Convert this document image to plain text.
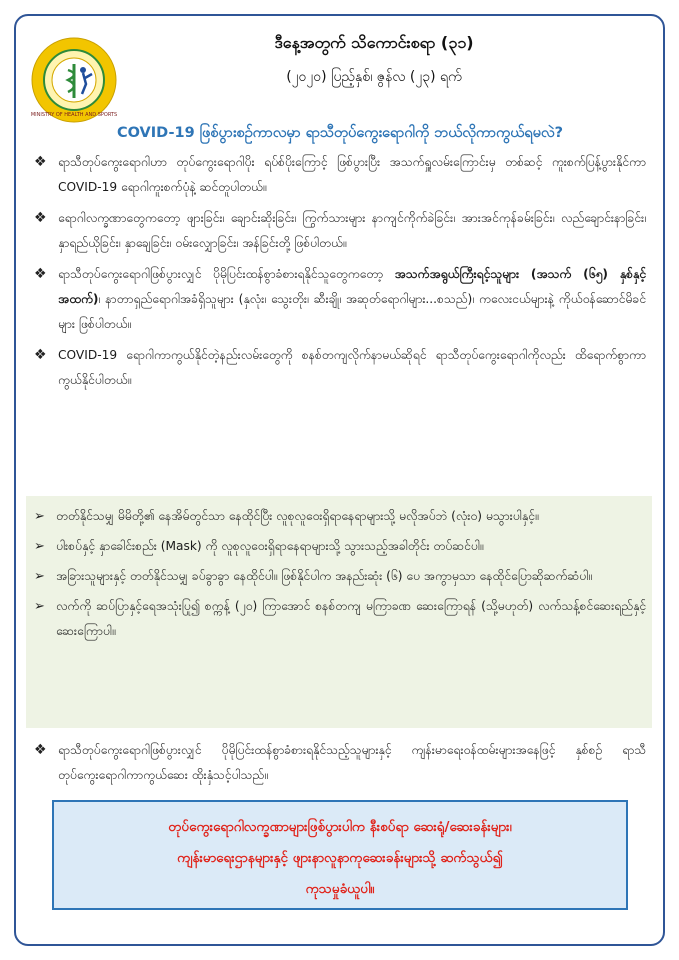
MINISTRY OF HEALTH AND SPORTS
ဒီနေ့အတွက် သိကောင်းစရာ (၃၁)
(၂၀၂၀) ပြည့်နှစ်၊ ဇွန်လ (၂၃) ရက်
COVID-19 ဖြစ်ပွားစဉ်ကာလမှာ ရာသီတုပ်ကွေးရောဂါကို ဘယ်လိုကာကွယ်ရမလဲ?
❖ ရာသီတုပ်ကွေးရောဂါဟာ တုပ်ကွေးရောဂါပိုး ရပ်စ်ပိုးကြောင့် ဖြစ်ပွားပြီး အသက်ရှူလမ်းကြောင်းမှ တစ်ဆင့် ကူးစက်ပြန့်ပွားနိုင်ကာ COVID-19 ရောဂါကူးစက်ပုံနဲ့ ဆင်တူပါတယ်။
❖ ရောဂါလက္ခဏာတွေကတော့ ဖျားခြင်း၊ ချောင်းဆိုးခြင်း၊ ကြွက်သားများ နာကျင်ကိုက်ခဲခြင်း၊ အားအင်ကုန်ခမ်းခြင်း၊ လည်ချောင်းနာခြင်း၊ နှာရည်ယိုခြင်း၊ နှာချေခြင်း၊ ဝမ်းလျှောခြင်း၊ အန်ခြင်းတို့ ဖြစ်ပါတယ်။
❖ ရာသီတုပ်ကွေးရောဂါဖြစ်ပွားလျှင် ပိုမိုပြင်းထန်စွာခံစားရနိုင်သူတွေကတော့ အသက်အရွယ်ကြီးရင့်သူများ (အသက် (၆၅) နှစ်နှင့် အထက်)၊ နာတာရှည်ရောဂါအခံရှိသူများ (နှလုံး၊ သွေးတိုး၊ ဆီးချို၊ အဆုတ်ရောဂါများ...စသည်)၊ ကလေးငယ်များနဲ့ ကိုယ်ဝန်ဆောင်မိခင်များ ဖြစ်ပါတယ်။
❖ COVID-19 ရောဂါကာကွယ်နိုင်တဲ့နည်းလမ်းတွေကို စနစ်တကျလိုက်နာမယ်ဆိုရင် ရာသီတုပ်ကွေးရောဂါကိုလည်း ထိရောက်စွာကာကွယ်နိုင်ပါတယ်။
➢ တတ်နိုင်သမျှ မိမိတို့၏ နေအိမ်တွင်သာ နေထိုင်ပြီး လူစုလူဝေးရှိရာနေရာများသို့ မလိုအပ်ဘဲ (လုံးဝ) မသွားပါနှင့်။
➢ ပါးစပ်နှင့် နှာခေါင်းစည်း (Mask) ကို လူစုလူဝေးရှိရာနေရာများသို့ သွားသည့်အခါတိုင်း တပ်ဆင်ပါ။
➢ အခြားသူများနှင့် တတ်နိုင်သမျှ ခပ်ခွာခွာ နေထိုင်ပါ။ ဖြစ်နိုင်ပါက အနည်းဆုံး (၆) ပေ အကွာမှသာ နေထိုင်ပြောဆိုဆက်ဆံပါ။
➢ လက်ကို ဆပ်ပြာနှင့်ရေအသုံးပြု၍ စက္ကန့် (၂၀) ကြာအောင် စနစ်တကျ မကြာခဏ ဆေးကြောရန် (သို့မဟုတ်) လက်သန့်စင်ဆေးရည်နှင့် ဆေးကြောပါ။
❖ ရာသီတုပ်ကွေးရောဂါဖြစ်ပွားလျှင် ပိုမိုပြင်းထန်စွာခံစားရနိုင်သည့်သူများနှင့် ကျန်းမာရေးဝန်ထမ်းများအနေဖြင့် နှစ်စဉ် ရာသီတုပ်ကွေးရောဂါကာကွယ်ဆေး ထိုးနှံသင့်ပါသည်။
တုပ်ကွေးရောဂါလက္ခဏာများဖြစ်ပွားပါက နီးစပ်ရာ ဆေးရုံ/ဆေးခန်းများ၊
ကျန်းမာရေးဌာနများနှင့် ဖျားနာလူနာကုဆေးခန်းများသို့ ဆက်သွယ်၍
ကုသမှုခံယူပါ။
